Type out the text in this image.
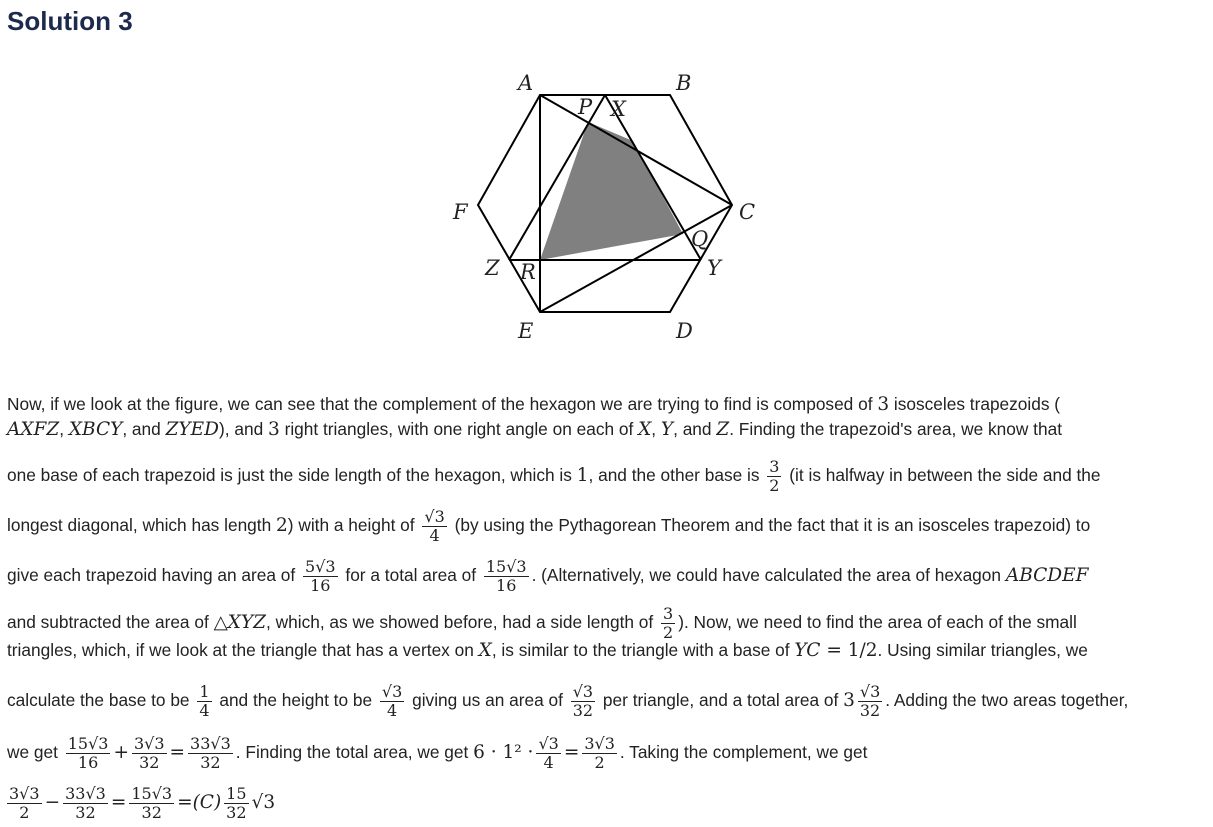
Solution 3
A	B
C
D
E
F
P X
Q
Y
Z R
Now, if we look at the figure, we can see that the complement of the hexagon we are trying to find is composed of 3 isosceles trapezoids (
AXFZ, XBCY, and ZYED), and 3 right triangles, with one right angle on each of X, Y, and Z. Finding the trapezoid's area, we know that
one base of each trapezoid is just the side length of the hexagon, which is 1, and the other base is $\frac{3}{2} (it$ is halfway in between the side and the
longest diagonal, which has length 2) with a height of $\frac{√3}{4} (by$ using the Pythagorean Theorem and the fact that it is an isosceles trapezoid) to
give each trapezoid having an area of $\frac{5√3}{16}$ for a total area of $\frac{15√3}{16}$ . (Alternatively, we could have calculated the area of hexagon ABCDEF
and subtracted the area of △XYZ, which, as we showed before, had a side length of $\frac{3}{2}$ ). Now, we need to find the area of each of the small
triangles, which, if we look at the triangle that has a vertex on X, is similar to the triangle with a base of YC = 1/2. Using similar triangles, we
calculate the base to be $\frac{1}{4}$ and the height to be $\frac{√3}{4}$ giving us an area of $\frac{√3}{32}$ per triangle, and a total area of $3 \frac{√3}{32}$ . Adding the two areas together,
we get $\frac{15√3}{16} + \frac{3√3}{32} = \frac{33√3}{32}$ . Finding the total area, we get $6 \cdot 1^2 \cdot \frac{√3}{4} = \frac{3√3}{2}$ . Taking the complement, we get
$\frac{3√3}{2} - \frac{33√3}{32} = \frac{15√3}{32} =(C) \frac{15}{32} √3$
